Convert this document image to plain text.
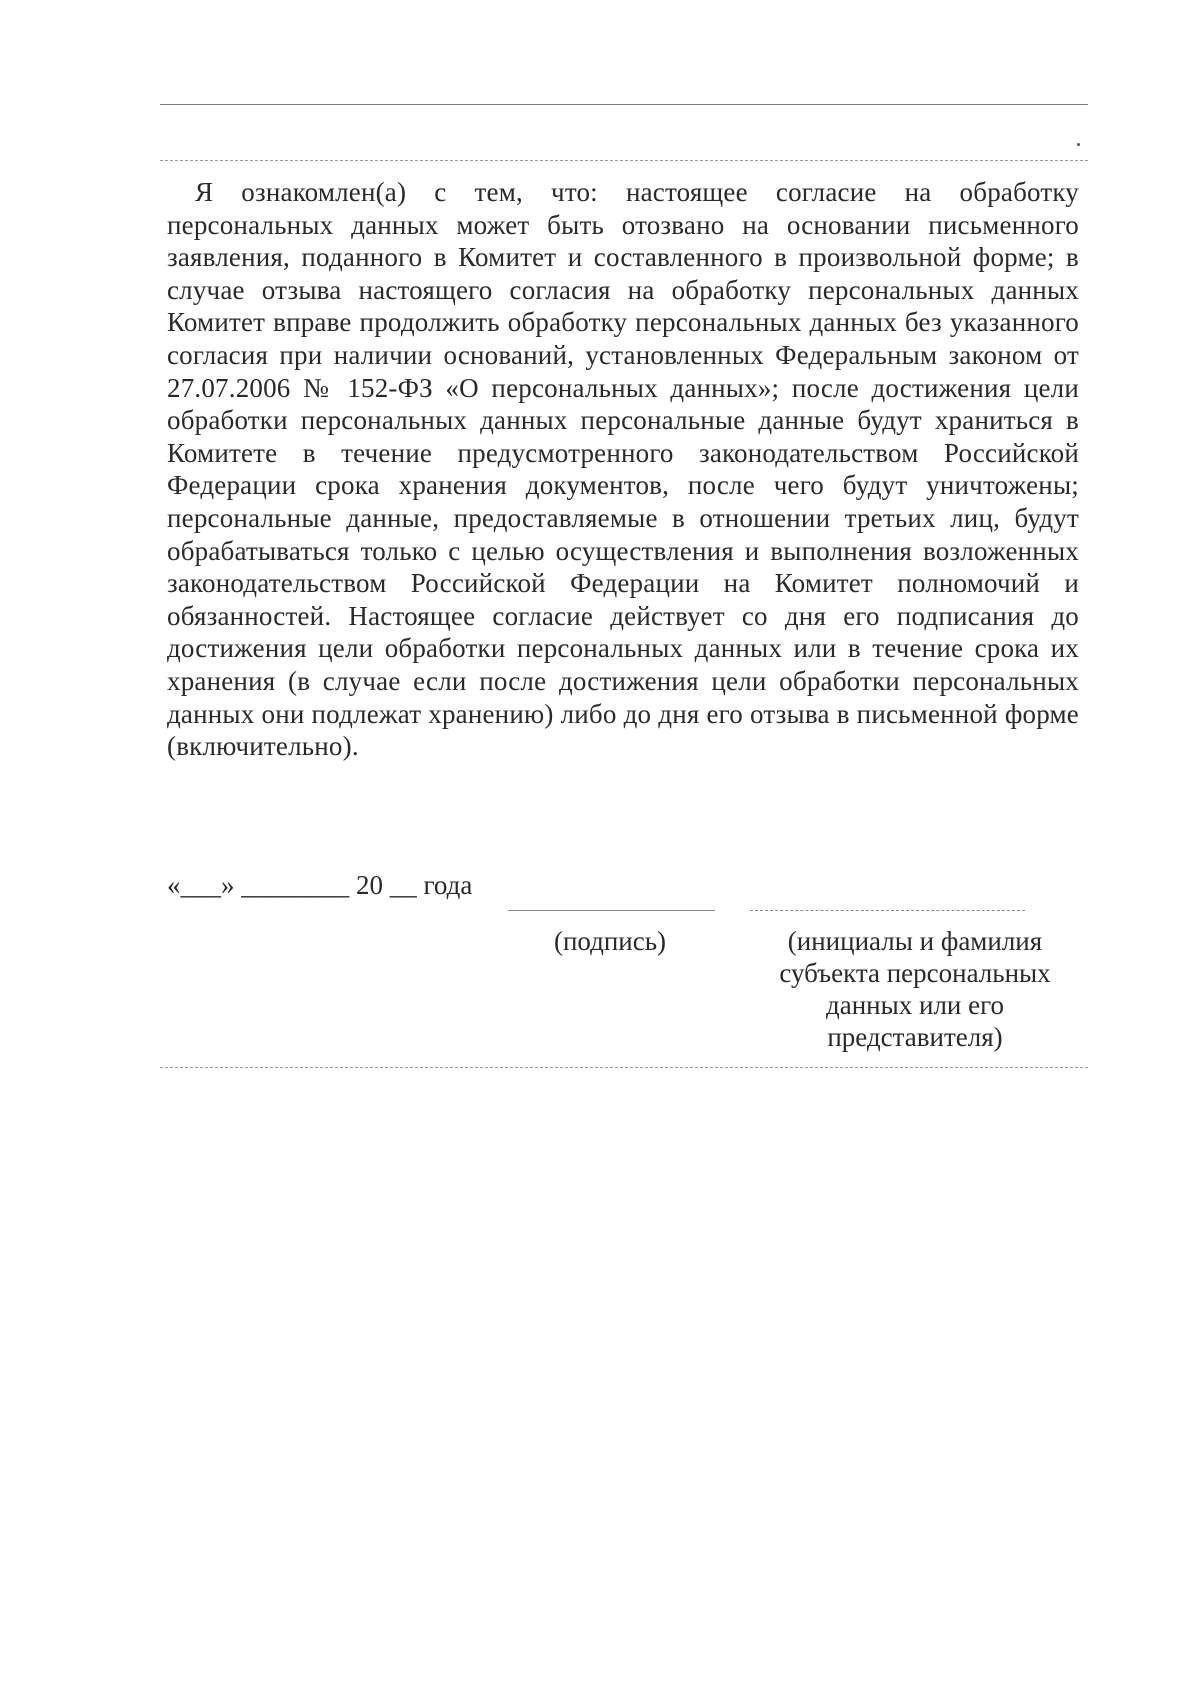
Я ознакомлен(а) с тем, что: настоящее согласие на обработку персональных данных может быть отозвано на основании письменного заявления, поданного в Комитет и составленного в произвольной форме; в случае отзыва настоящего согласия на обработку персональных данных Комитет вправе продолжить обработку персональных данных без указанного согласия при наличии оснований, установленных Федеральным законом от 27.07.2006 № 152-ФЗ «О персональных данных»; после достижения цели обработки персональных данных персональные данные будут храниться в Комитете в течение предусмотренного законодательством Российской Федерации срока хранения документов, после чего будут уничтожены; персональные данные, предоставляемые в отношении третьих лиц, будут обрабатываться только с целью осуществления и выполнения возложенных законодательством Российской Федерации на Комитет полномочий и обязанностей. Настоящее согласие действует со дня его подписания до достижения цели обработки персональных данных или в течение срока их хранения (в случае если после достижения цели обработки персональных данных они подлежат хранению) либо до дня его отзыва в письменной форме (включительно).

«___» ________ 20 __ года

(подпись)	(инициалы и фамилия
субъекта персональных
данных или его
представителя)
